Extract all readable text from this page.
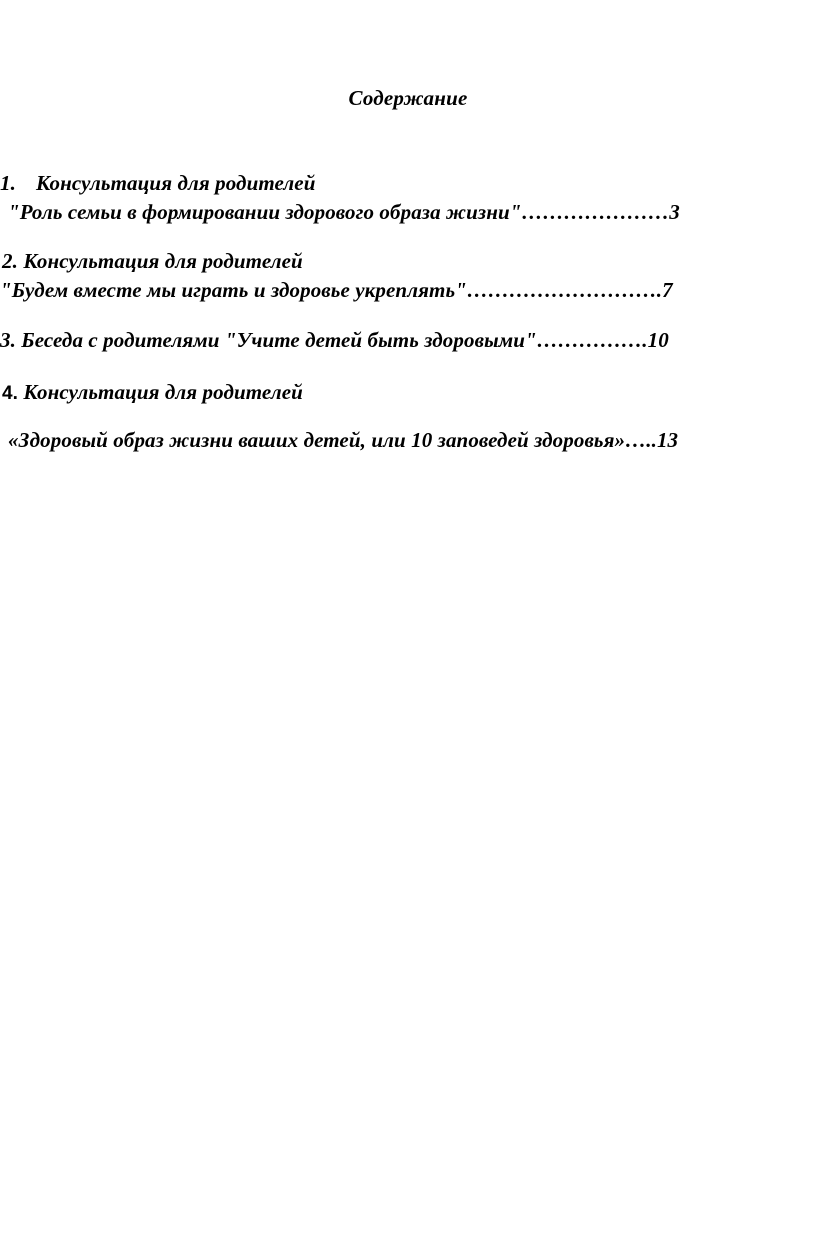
Содержание
1. Консультация для родителей
"Роль семьи в формировании здорового образа жизни"…………………3
2. Консультация для родителей
"Будем вместе мы играть и здоровье укреплять"……………………….7
3. Беседа с родителями "Учите детей быть здоровыми"…………….10
4. Консультация для родителей
«Здоровый образ жизни ваших детей, или 10 заповедей здоровья»…..13
